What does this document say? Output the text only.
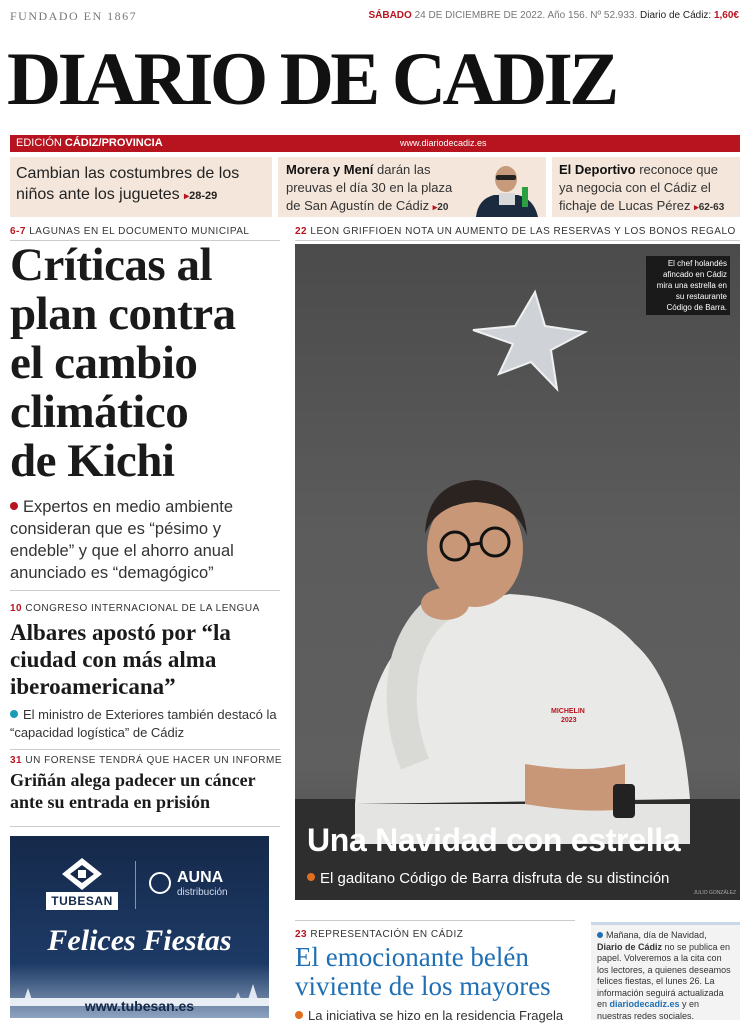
FUNDADO EN 1867	SÁBADO 24 DE DICIEMBRE DE 2022. Año 156. Nº 52.933. Diario de Cádiz: 1,60€
DIARIO DE CADIZ
EDICIÓN CÁDIZ/PROVINCIA	www.diariodecadiz.es
Cambian las costumbres de los niños ante los juguetes ▸28-29
Morera y Mení darán las preuvas el día 30 en la plaza de San Agustín de Cádiz ▸20
El Deportivo reconoce que ya negocia con el Cádiz el fichaje de Lucas Pérez ▸62-63
6-7 LAGUNAS EN EL DOCUMENTO MUNICIPAL
Críticas al
plan contra
el cambio
climático
de Kichi
Expertos en medio ambiente consideran que es “pésimo y endeble” y que el ahorro anual anunciado es “demagógico”
10 CONGRESO INTERNACIONAL DE LA LENGUA
Albares apostó por “la ciudad con más alma iberoamericana”
El ministro de Exteriores también destacó la “capacidad logística” de Cádiz
31 UN FORENSE TENDRÁ QUE HACER UN INFORME
Griñán alega padecer un cáncer ante su entrada en prisión
TUBESAN
AUNA
distribución
Felices Fiestas
www.tubesan.es
22 LEON GRIFFIOEN NOTA UN AUMENTO DE LAS RESERVAS Y LOS BONOS REGALO
El chef holandés afincado en Cádiz mira una estrella en su restaurante Código de Barra.
MICHELIN
2023
JULIO GONZÁLEZ
Una Navidad con estrella
El gaditano Código de Barra disfruta de su distinción
23 REPRESENTACIÓN EN CÁDIZ
El emocionante belén viviente de los mayores
La iniciativa se hizo en la residencia Fragela
Mañana, día de Navidad, Diario de Cádiz no se publica en papel. Volveremos a la cita con los lectores, a quienes deseamos felices fiestas, el lunes 26. La información seguirá actualizada en diariodecadiz.es y en nuestras redes sociales.
